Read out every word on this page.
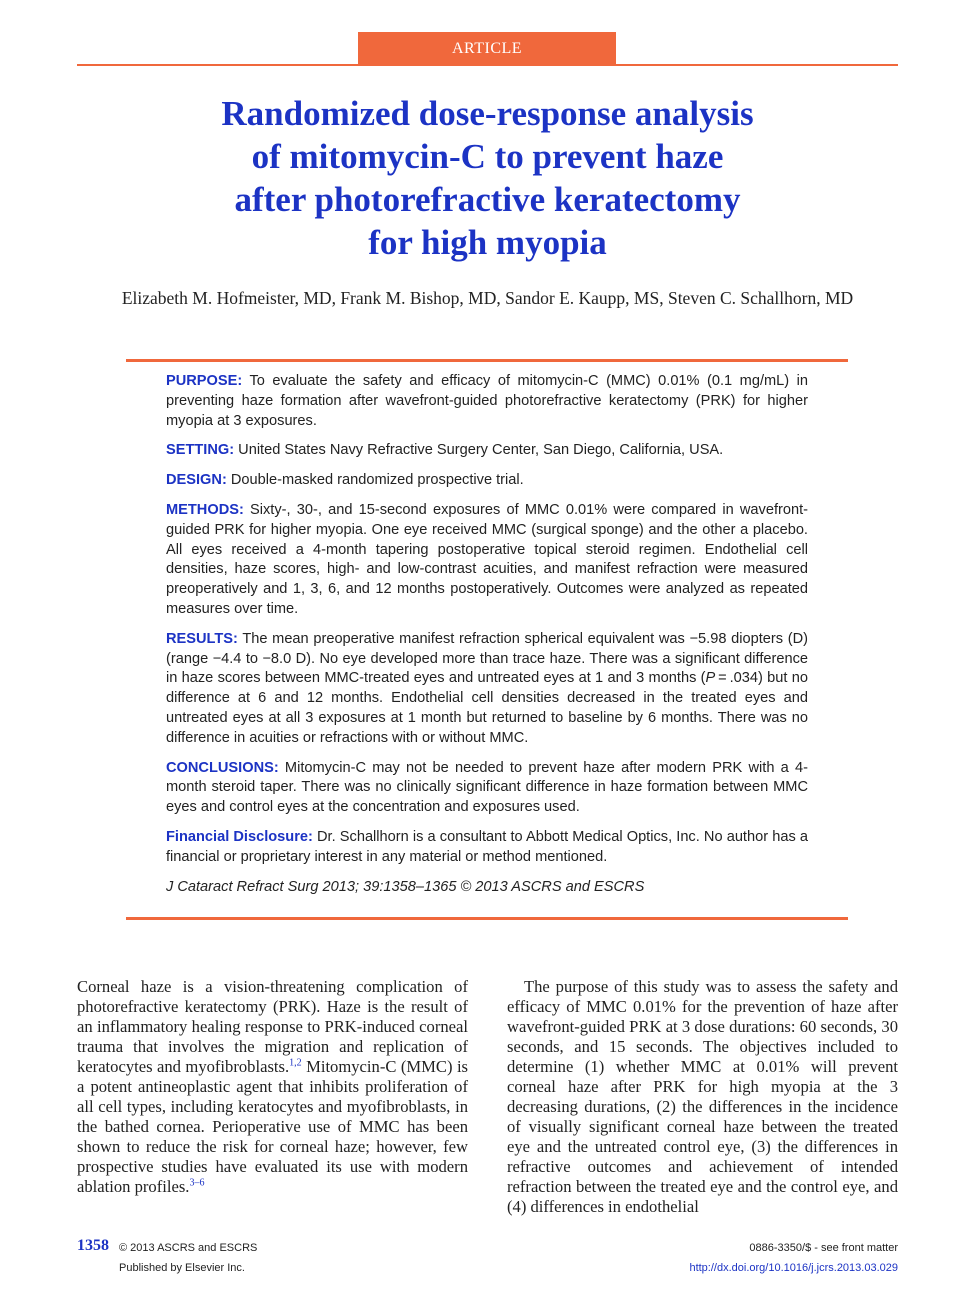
ARTICLE
Randomized dose-response analysis
of mitomycin-C to prevent haze
after photorefractive keratectomy
for high myopia
Elizabeth M. Hofmeister, MD, Frank M. Bishop, MD, Sandor E. Kaupp, MS, Steven C. Schallhorn, MD

PURPOSE: To evaluate the safety and efficacy of mitomycin-C (MMC) 0.01% (0.1 mg/mL) in preventing haze formation after wavefront-guided photorefractive keratectomy (PRK) for higher myopia at 3 exposures.

SETTING: United States Navy Refractive Surgery Center, San Diego, California, USA.

DESIGN: Double-masked randomized prospective trial.

METHODS: Sixty-, 30-, and 15-second exposures of MMC 0.01% were compared in wavefront-guided PRK for higher myopia. One eye received MMC (surgical sponge) and the other a placebo. All eyes received a 4-month tapering postoperative topical steroid regimen. Endothelial cell densities, haze scores, high- and low-contrast acuities, and manifest refraction were measured preoperatively and 1, 3, 6, and 12 months postoperatively. Outcomes were analyzed as repeated measures over time.

RESULTS: The mean preoperative manifest refraction spherical equivalent was −5.98 diopters (D) (range −4.4 to −8.0 D). No eye developed more than trace haze. There was a significant difference in haze scores between MMC-treated eyes and untreated eyes at 1 and 3 months (P = .034) but no difference at 6 and 12 months. Endothelial cell densities decreased in the treated eyes and untreated eyes at all 3 exposures at 1 month but returned to baseline by 6 months. There was no difference in acuities or refractions with or without MMC.

CONCLUSIONS: Mitomycin-C may not be needed to prevent haze after modern PRK with a 4-month steroid taper. There was no clinically significant difference in haze formation between MMC eyes and control eyes at the concentration and exposures used.

Financial Disclosure: Dr. Schallhorn is a consultant to Abbott Medical Optics, Inc. No author has a financial or proprietary interest in any material or method mentioned.

J Cataract Refract Surg 2013; 39:1358–1365 © 2013 ASCRS and ESCRS

Corneal haze is a vision-threatening complication of photorefractive keratectomy (PRK). Haze is the result of an inflammatory healing response to PRK-induced corneal trauma that involves the migration and replication of keratocytes and myofibroblasts.$^{1,2}$ Mitomycin-C (MMC) is a potent antineoplastic agent that inhibits proliferation of all cell types, including keratocytes and myofibroblasts, in the bathed cornea. Perioperative use of MMC has been shown to reduce the risk for corneal haze; however, few prospective studies have evaluated its use with modern ablation profiles.$^{3-6}$

The purpose of this study was to assess the safety and efficacy of MMC 0.01% for the prevention of haze after wavefront-guided PRK at 3 dose durations: 60 seconds, 30 seconds, and 15 seconds. The objectives included to determine (1) whether MMC at 0.01% will prevent corneal haze after PRK for high myopia at the 3 decreasing durations, (2) the differences in the incidence of visually significant corneal haze between the treated eye and the untreated control eye, (3) the differences in refractive outcomes and achievement of intended refraction between the treated eye and the control eye, and (4) differences in endothelial

1358 © 2013 ASCRS and ESCRS
Published by Elsevier Inc.
0886-3350/$ - see front matter
http://dx.doi.org/10.1016/j.jcrs.2013.03.029
